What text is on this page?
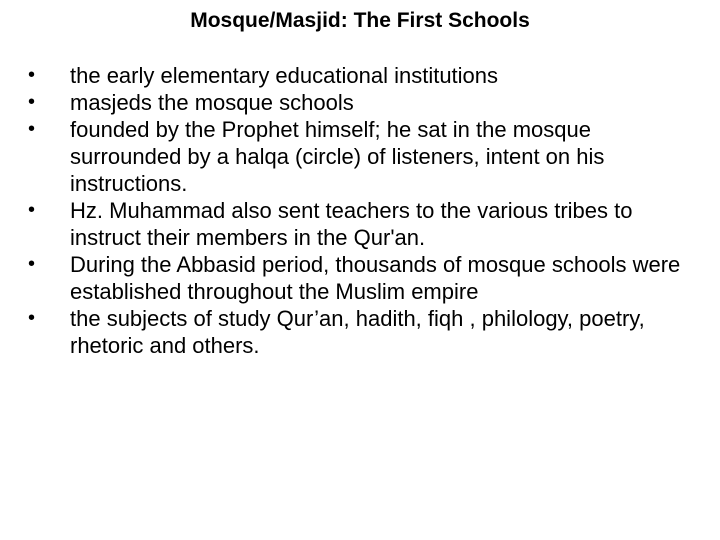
Mosque/Masjid: The First Schools
•	the early elementary educational institutions
•	masjeds the mosque schools
•	founded by the Prophet himself; he sat in the mosque surrounded by a halqa (circle) of listeners, intent on his instructions.
•	Hz. Muhammad also sent teachers to the various tribes to instruct their members in the Qur'an.
•	During the Abbasid period, thousands of mosque schools were established throughout the Muslim empire
•	the subjects of study Qur’an, hadith, fiqh , philology, poetry, rhetoric and others.
